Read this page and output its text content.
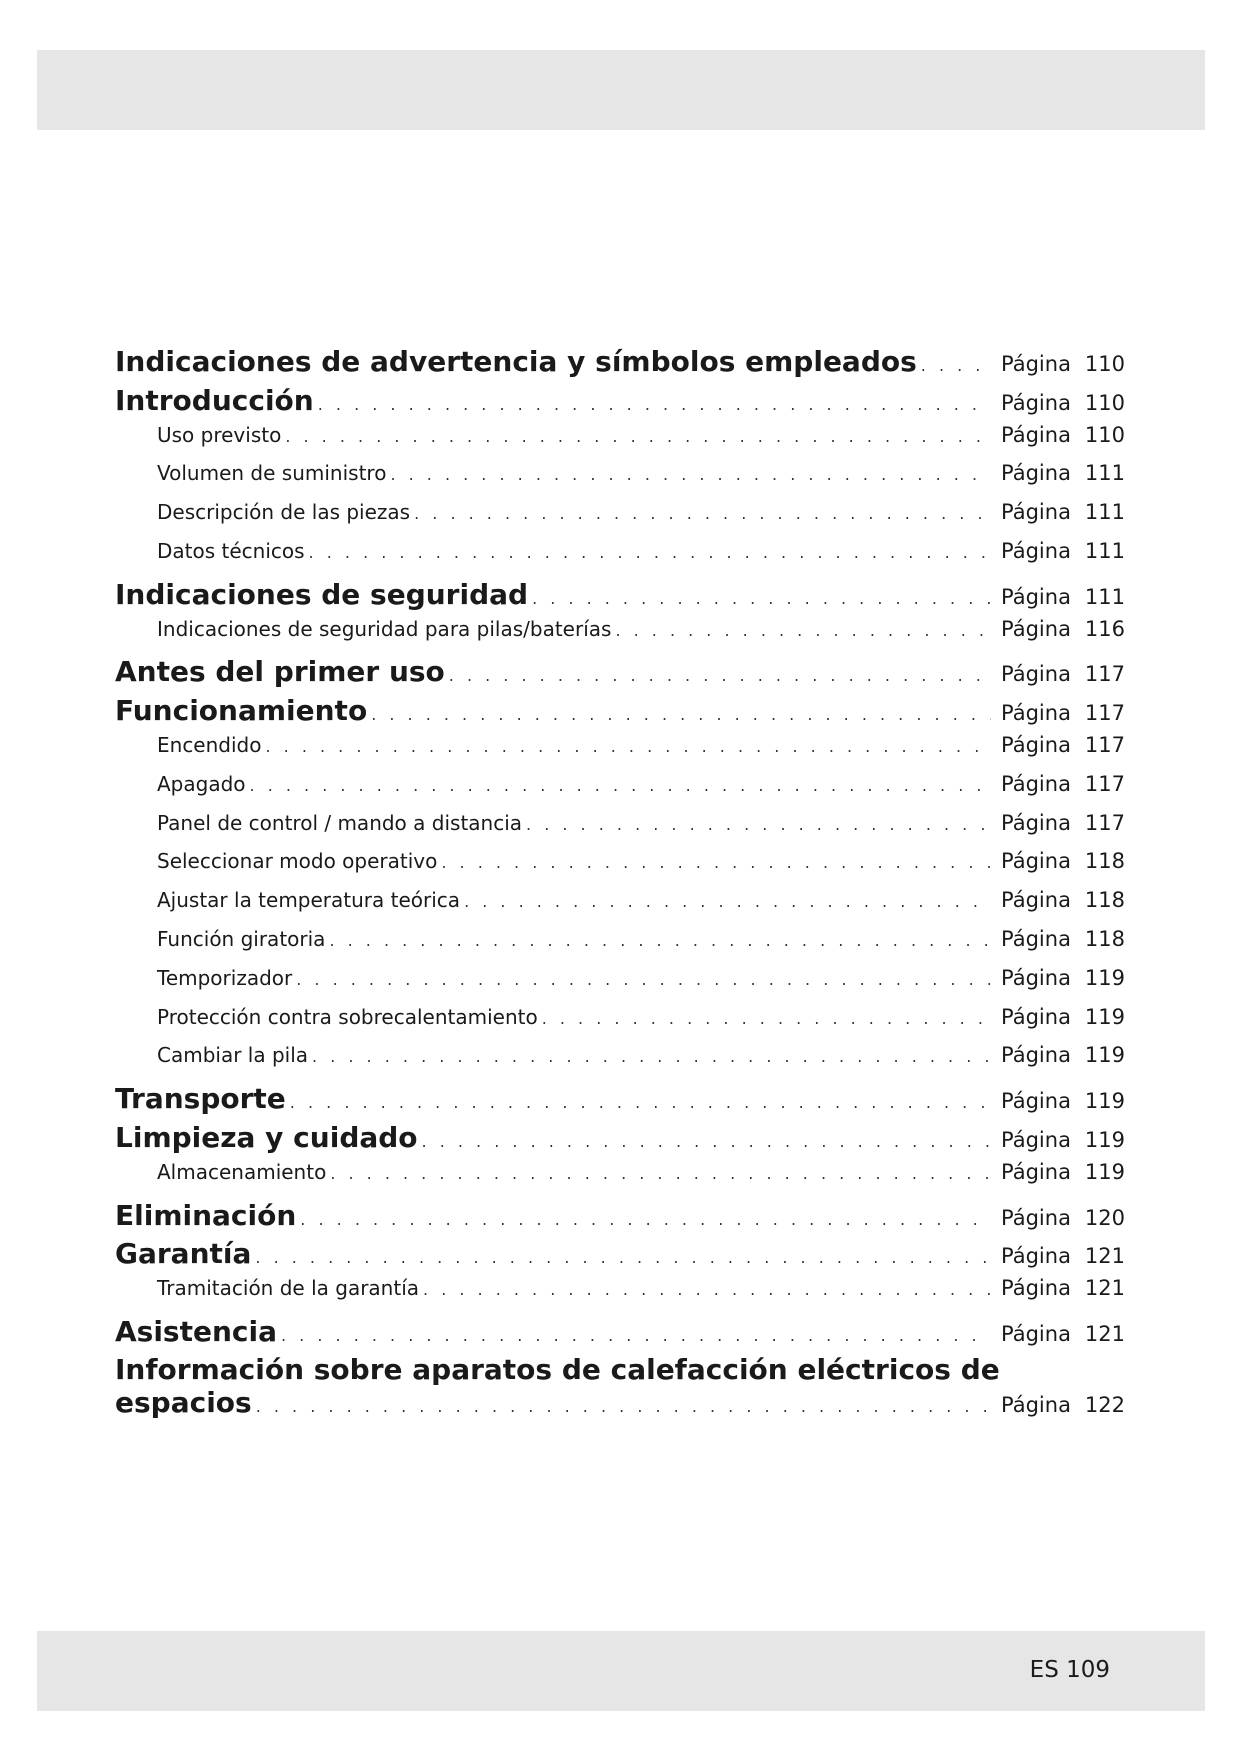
Indicaciones de advertencia y símbolos empleados . . .	Página 110
Introducción . . .	Página 110
Uso previsto . . .	Página 110
Volumen de suministro . . .	Página 111
Descripción de las piezas . . .	Página 111
Datos técnicos . . .	Página 111
Indicaciones de seguridad . . .	Página 111
Indicaciones de seguridad para pilas/baterías . . .	Página 116
Antes del primer uso . . .	Página 117
Funcionamiento . . .	Página 117
Encendido . . .	Página 117
Apagado . . .	Página 117
Panel de control / mando a distancia . . .	Página 117
Seleccionar modo operativo . . .	Página 118
Ajustar la temperatura teórica . . .	Página 118
Función giratoria . . .	Página 118
Temporizador . . .	Página 119
Protección contra sobrecalentamiento . . .	Página 119
Cambiar la pila . . .	Página 119
Transporte . . .	Página 119
Limpieza y cuidado . . .	Página 119
Almacenamiento . . .	Página 119
Eliminación . . .	Página 120
Garantía . . .	Página 121
Tramitación de la garantía . . .	Página 121
Asistencia . . .	Página 121
Información sobre aparatos de calefacción eléctricos de
espacios . . .	Página 122
ES 109
